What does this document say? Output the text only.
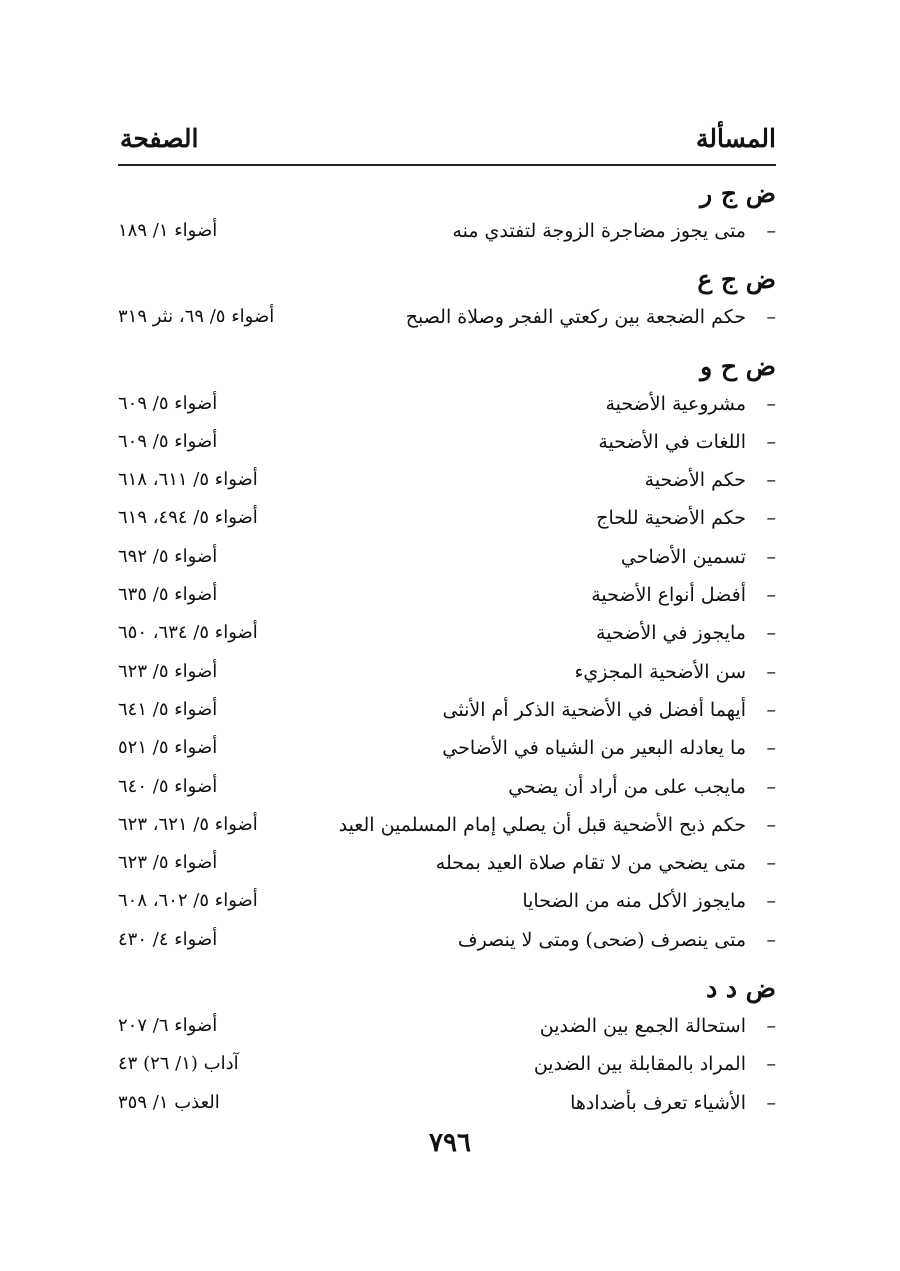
المسألة
الصفحة
ض ج ر
–متى يجوز مضاجرة الزوجة لتفتدي منه
أضواء ١/ ١٨٩
ض ج ع
–حكم الضجعة بين ركعتي الفجر وصلاة الصبح
أضواء ٥/ ٦٩، نثر ٣١٩
ض ح و
–مشروعية الأضحية
أضواء ٥/ ٦٠٩
–اللغات في الأضحية
أضواء ٥/ ٦٠٩
–حكم الأضحية
أضواء ٥/ ٦١١، ٦١٨
–حكم الأضحية للحاج
أضواء ٥/ ٤٩٤، ٦١٩
–تسمين الأضاحي
أضواء ٥/ ٦٩٢
–أفضل أنواع الأضحية
أضواء ٥/ ٦٣٥
–مايجوز في الأضحية
أضواء ٥/ ٦٣٤، ٦٥٠
–سن الأضحية المجزيء
أضواء ٥/ ٦٢٣
–أيهما أفضل في الأضحية الذكر أم الأنثى
أضواء ٥/ ٦٤١
–ما يعادله البعير من الشياه في الأضاحي
أضواء ٥/ ٥٢١
–مايجب على من أراد أن يضحي
أضواء ٥/ ٦٤٠
–حكم ذبح الأضحية قبل أن يصلي إمام المسلمين العيد
أضواء ٥/ ٦٢١، ٦٢٣
–متى يضحي من لا تقام صلاة العيد بمحله
أضواء ٥/ ٦٢٣
–مايجوز الأكل منه من الضحايا
أضواء ٥/ ٦٠٢، ٦٠٨
–متى ينصرف (ضحى) ومتى لا ينصرف
أضواء ٤/ ٤٣٠
ض د د
–استحالة الجمع بين الضدين
أضواء ٦/ ٢٠٧
–المراد بالمقابلة بين الضدين
آداب (١/ ٢٦) ٤٣
–الأشياء تعرف بأضدادها
العذب ١/ ٣٥٩
٧٩٦
